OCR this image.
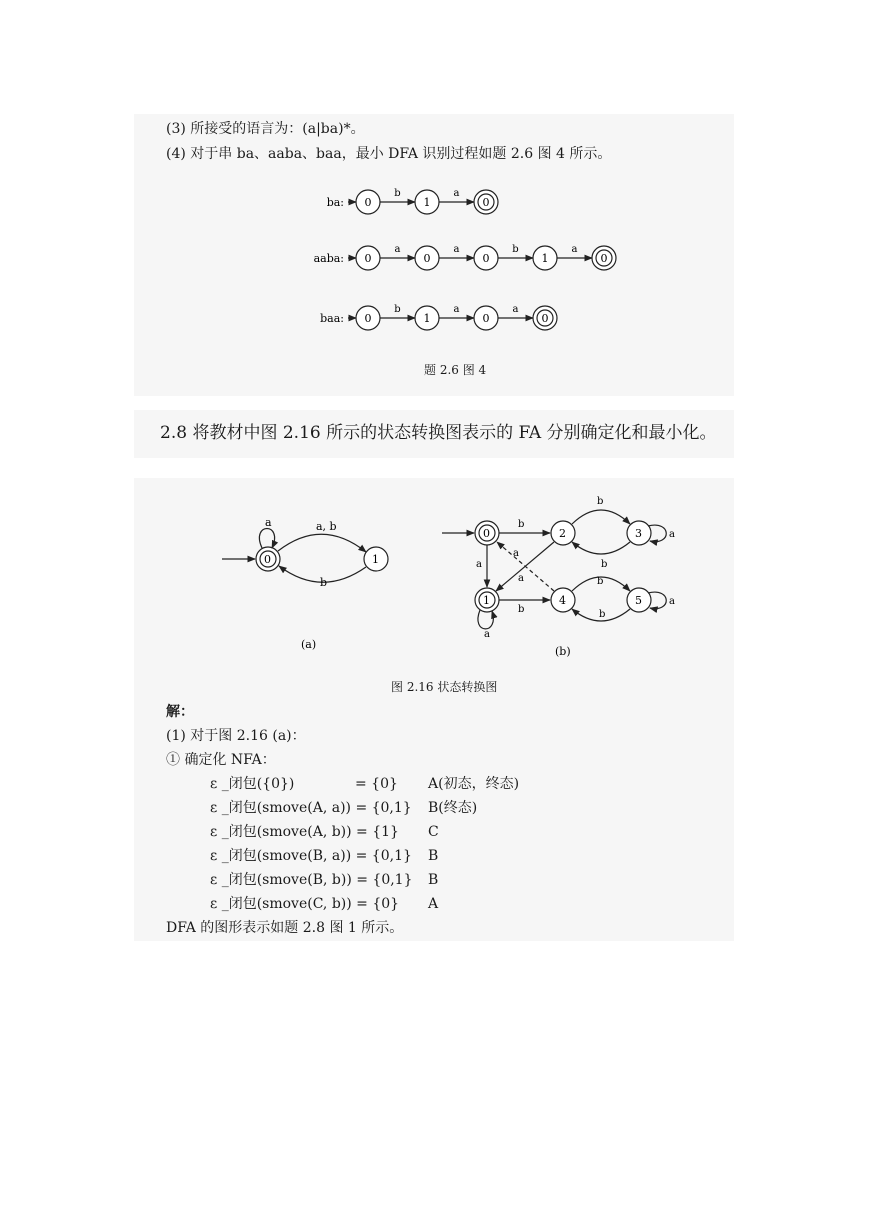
(3) 所接受的语言为：(a|ba)*。
(4) 对于串 ba、aaba、baa，最小 DFA 识别过程如题 2.6 图 4 所示。
ba: 0
b
1
a
0
aaba: 0
a
0
a
0
b
1
a
0
baa: 0
b
1
a
0
a
0
题 2.6 图 4
2.8 将教材中图 2.16 所示的状态转换图表示的 FA 分别确定化和最小化。
0	1
a, b
b
a
(a)
0
1
2	3
4	5
b
a
a
a
b
b
b
a
b
b
a
a
(b)
图 2.16 状态转换图
解：
(1) 对于图 2.16 (a)：
① 确定化 NFA：
ε _闭包({0})	= {0} A(初态，终态)
ε _闭包(smove(A, a)) = {0,1} B(终态)
ε _闭包(smove(A, b)) = {1} C
ε _闭包(smove(B, a)) = {0,1} B
ε _闭包(smove(B, b)) = {0,1} B
ε _闭包(smove(C, b)) = {0} A
DFA 的图形表示如题 2.8 图 1 所示。
